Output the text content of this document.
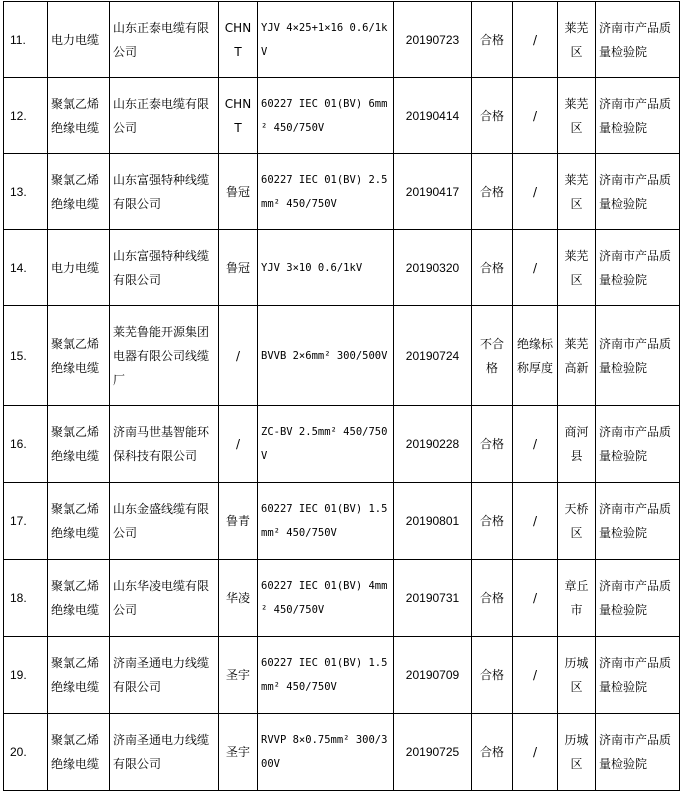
11.	电力电缆	山东正泰电缆有限公司	CHNT	YJV 4×25+1×16 0.6/1kV	20190723	合格	/	莱芜区	济南市产品质量检验院
12.	聚氯乙烯绝缘电缆	山东正泰电缆有限公司	CHNT	60227 IEC 01(BV) 6mm² 450/750V	20190414	合格	/	莱芜区	济南市产品质量检验院
13.	聚氯乙烯绝缘电缆	山东富强特种线缆有限公司	鲁冠	60227 IEC 01(BV) 2.5mm² 450/750V	20190417	合格	/	莱芜区	济南市产品质量检验院
14.	电力电缆	山东富强特种线缆有限公司	鲁冠	YJV 3×10 0.6/1kV	20190320	合格	/	莱芜区	济南市产品质量检验院
15.	聚氯乙烯绝缘电缆	莱芜鲁能开源集团电器有限公司线缆厂	/	BVVB 2×6mm² 300/500V	20190724	不合格	绝缘标称厚度	莱芜高新	济南市产品质量检验院
16.	聚氯乙烯绝缘电缆	济南马世基智能环保科技有限公司	/	ZC-BV 2.5mm² 450/750V	20190228	合格	/	商河县	济南市产品质量检验院
17.	聚氯乙烯绝缘电缆	山东金盛线缆有限公司	鲁青	60227 IEC 01(BV) 1.5mm² 450/750V	20190801	合格	/	天桥区	济南市产品质量检验院
18.	聚氯乙烯绝缘电缆	山东华凌电缆有限公司	华凌	60227 IEC 01(BV) 4mm² 450/750V	20190731	合格	/	章丘市	济南市产品质量检验院
19.	聚氯乙烯绝缘电缆	济南圣通电力线缆有限公司	圣宇	60227 IEC 01(BV) 1.5mm² 450/750V	20190709	合格	/	历城区	济南市产品质量检验院
20.	聚氯乙烯绝缘电缆	济南圣通电力线缆有限公司	圣宇	RVVP 8×0.75mm² 300/300V	20190725	合格	/	历城区	济南市产品质量检验院
